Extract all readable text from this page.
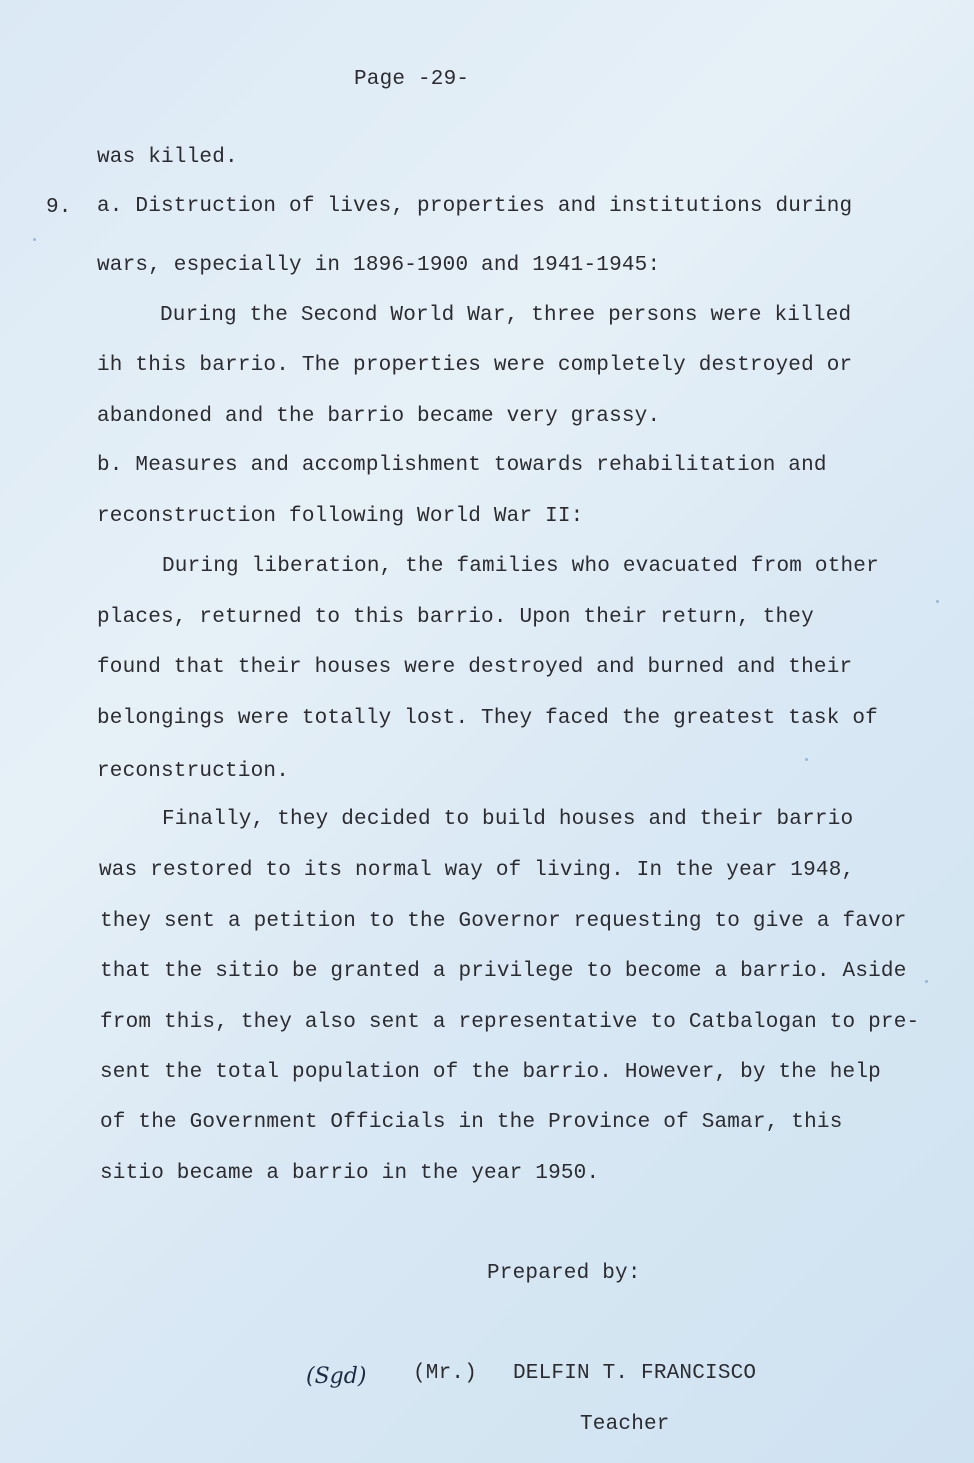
Page -29-
was killed.
9. a. Distruction of lives, properties and institutions during
wars, especially in 1896-1900 and 1941-1945:
During the Second World War, three persons were killed
ih this barrio. The properties were completely destroyed or
abandoned and the barrio became very grassy.
b. Measures and accomplishment towards rehabilitation and
reconstruction following World War II:
During liberation, the families who evacuated from other
places, returned to this barrio. Upon their return, they
found that their houses were destroyed and burned and their
belongings were totally lost. They faced the greatest task of
reconstruction.
Finally, they decided to build houses and their barrio
was restored to its normal way of living. In the year 1948,
they sent a petition to the Governor requesting to give a favor
that the sitio be granted a privilege to become a barrio. Aside
from this, they also sent a representative to Catbalogan to pre-
sent the total population of the barrio. However, by the help
of the Government Officials in the Province of Samar, this
sitio became a barrio in the year 1950.
Prepared by:
(Sgd) (Mr.) DELFIN T. FRANCISCO
Teacher
